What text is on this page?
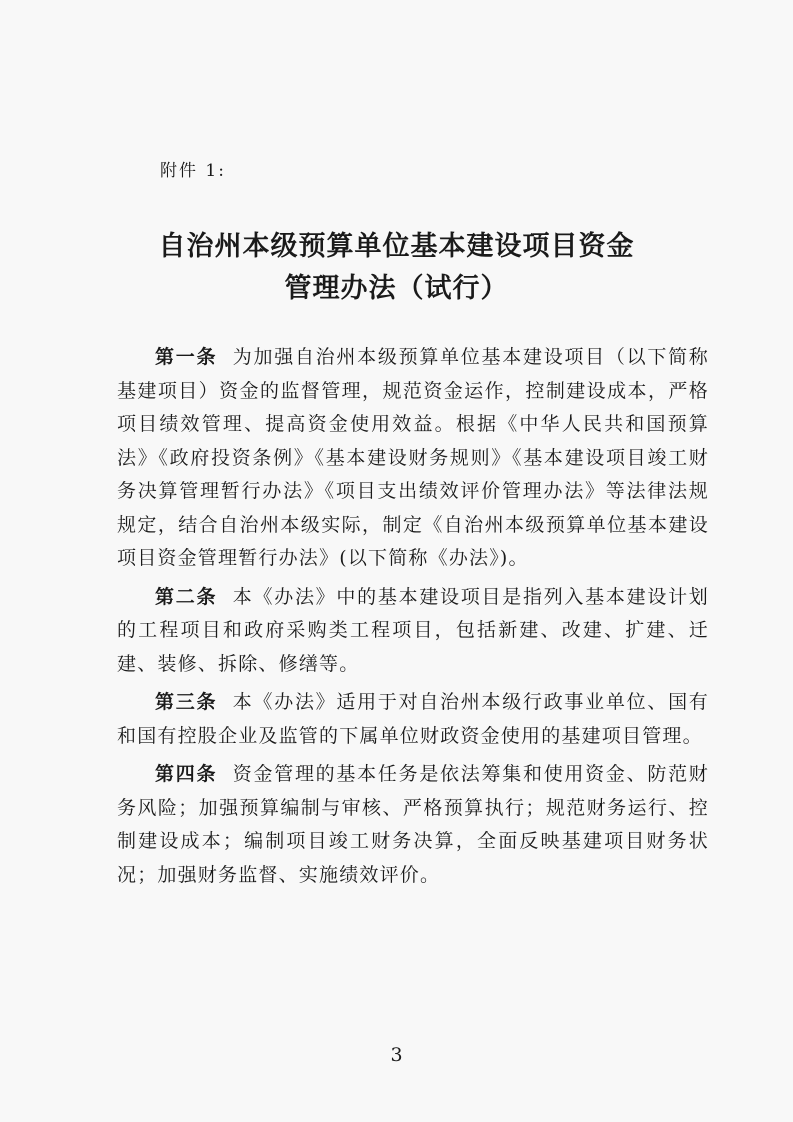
附件 1:
自治州本级预算单位基本建设项目资金
管理办法（试行）

第一条 为加强自治州本级预算单位基本建设项目（以下简称基建项目）资金的监督管理，规范资金运作，控制建设成本，严格项目绩效管理、提高资金使用效益。根据《中华人民共和国预算法》《政府投资条例》《基本建设财务规则》《基本建设项目竣工财务决算管理暂行办法》《项目支出绩效评价管理办法》等法律法规规定，结合自治州本级实际，制定《自治州本级预算单位基本建设项目资金管理暂行办法》(以下简称《办法》)。

第二条 本《办法》中的基本建设项目是指列入基本建设计划的工程项目和政府采购类工程项目，包括新建、改建、扩建、迁建、装修、拆除、修缮等。

第三条 本《办法》适用于对自治州本级行政事业单位、国有和国有控股企业及监管的下属单位财政资金使用的基建项目管理。

第四条 资金管理的基本任务是依法筹集和使用资金、防范财务风险；加强预算编制与审核、严格预算执行；规范财务运行、控制建设成本；编制项目竣工财务决算，全面反映基建项目财务状况；加强财务监督、实施绩效评价。

3
